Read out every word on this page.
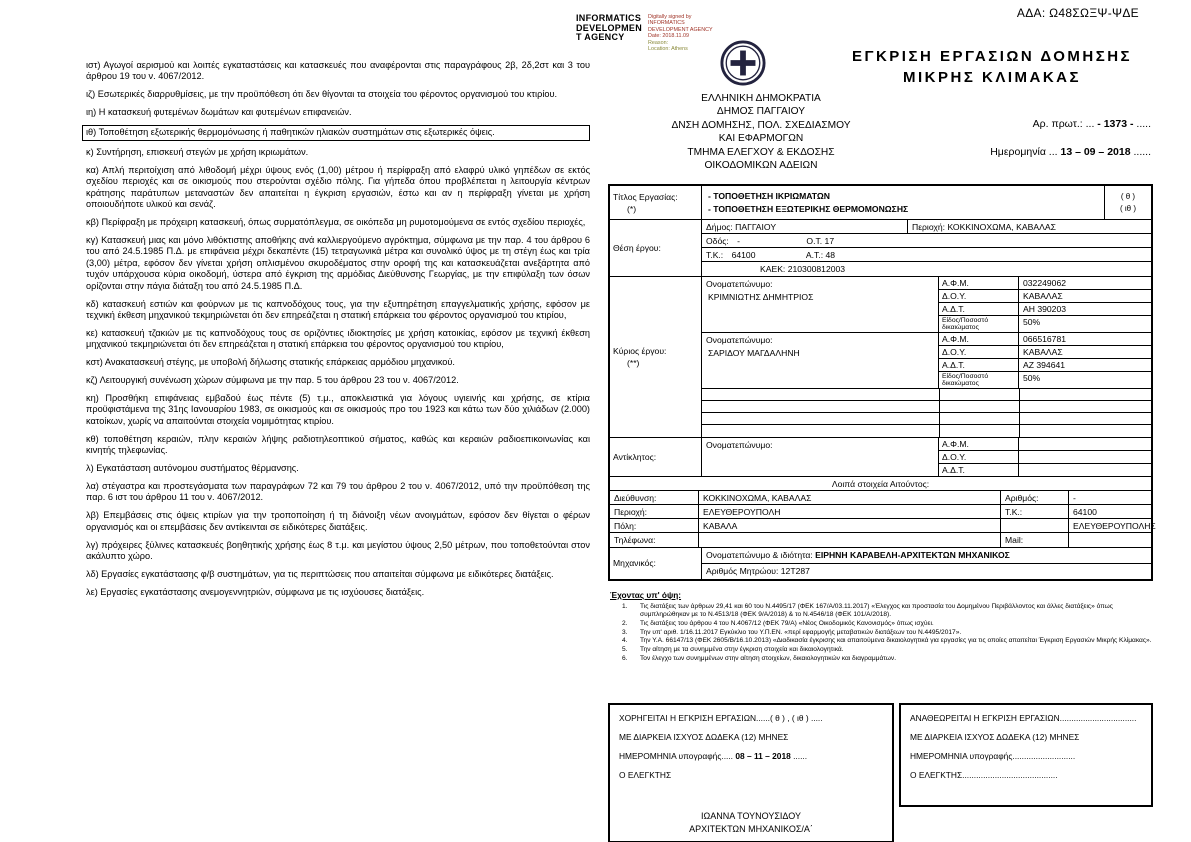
ΑΔΑ: Ω48ΣΩΞΨ-ΨΔΕ
INFORMATICS
DEVELOPMEN
T AGENCY
Digitally signed by
INFORMATICS
DEVELOPMENT AGENCY
Date: 2018.11.09
Reason:
Location: Athens
ιστ) Αγωγοί αερισμού και λοιπές εγκαταστάσεις και κατασκευές που αναφέρονται στις παραγράφους 2β, 2δ,2στ και 3 του άρθρου 19 του ν. 4067/2012.
ιζ) Εσωτερικές διαρρυθμίσεις, με την προϋπόθεση ότι δεν θίγονται τα στοιχεία του φέροντος οργανισμού του κτιρίου.
ιη) Η κατασκευή φυτεμένων δωμάτων και φυτεμένων επιφανειών.
ιθ) Τοποθέτηση εξωτερικής θερμομόνωσης ή παθητικών ηλιακών συστημάτων στις εξωτερικές όψεις.
κ) Συντήρηση, επισκευή στεγών με χρήση ικριωμάτων.
κα) Απλή περιτοίχιση από λιθοδομή μέχρι ύψους ενός (1,00) μέτρου ή περίφραξη από ελαφρύ υλικό γηπέδων σε εκτός σχεδίου περιοχές και σε οικισμούς που στερούνται σχέδιο πόλης. Για γήπεδα όπου προβλέπεται η λειτουργία κέντρων κράτησης παράτυπων μεταναστών δεν απαιτείται η έγκριση εργασιών, έστω και αν η περίφραξη γίνεται με χρήση οποιουδήποτε υλικού και σενάζ.
κβ) Περίφραξη με πρόχειρη κατασκευή, όπως συρματόπλεγμα, σε οικόπεδα μη ρυμοτομούμενα σε εντός σχεδίου περιοχές,
κγ) Κατασκευή μιας και μόνο λιθόκτιστης αποθήκης ανά καλλιεργούμενο αγρόκτημα, σύμφωνα με την παρ. 4 του άρθρου 6 του από 24.5.1985 Π.Δ. με επιφάνεια μέχρι δεκαπέντε (15) τετραγωνικά μέτρα και συνολικό ύψος με τη στέγη έως και τρία (3,00) μέτρα, εφόσον δεν γίνεται χρήση οπλισμένου σκυροδέματος στην οροφή της και κατασκευάζεται ανεξάρτητα από τυχόν υπάρχουσα κύρια οικοδομή, ύστερα από έγκριση της αρμόδιας Διεύθυνσης Γεωργίας, με την επιφύλαξη των όσων ορίζονται στην πάγια διάταξη του από 24.5.1985 Π.Δ.
κδ) κατασκευή εστιών και φούρνων με τις καπνοδόχους τους, για την εξυπηρέτηση επαγγελματικής χρήσης, εφόσον με τεχνική έκθεση μηχανικού τεκμηριώνεται ότι δεν επηρεάζεται η στατική επάρκεια του φέροντος οργανισμού του κτιρίου,
κε) κατασκευή τζακιών με τις καπνοδόχους τους σε οριζόντιες ιδιοκτησίες με χρήση κατοικίας, εφόσον με τεχνική έκθεση μηχανικού τεκμηριώνεται ότι δεν επηρεάζεται η στατική επάρκεια του φέροντος οργανισμού του κτιρίου,
κστ) Ανακατασκευή στέγης, με υποβολή δήλωσης στατικής επάρκειας αρμόδιου μηχανικού.
κζ) Λειτουργική συνένωση χώρων σύμφωνα με την παρ. 5 του άρθρου 23 του ν. 4067/2012.
κη) Προσθήκη επιφάνειας εμβαδού έως πέντε (5) τ.μ., αποκλειστικά για λόγους υγιεινής και χρήσης, σε κτίρια προϋφιστάμενα της 31ης Ιανουαρίου 1983, σε οικισμούς και σε οικισμούς προ του 1923 και κάτω των δύο χιλιάδων (2.000) κατοίκων, χωρίς να απαιτούνται στοιχεία νομιμότητας κτιρίου.
κθ) τοποθέτηση κεραιών, πλην κεραιών λήψης ραδιοτηλεοπτικού σήματος, καθώς και κεραιών ραδιοεπικοινωνίας και κινητής τηλεφωνίας.
λ) Εγκατάσταση αυτόνομου συστήματος θέρμανσης.
λα) στέγαστρα και προστεγάσματα των παραγράφων 72 και 79 του άρθρου 2 του ν. 4067/2012, υπό την προϋπόθεση της παρ. 6 ιστ του άρθρου 11 του ν. 4067/2012.
λβ) Επεμβάσεις στις όψεις κτιρίων για την τροποποίηση ή τη διάνοιξη νέων ανοιγμάτων, εφόσον δεν θίγεται ο φέρων οργανισμός και οι επεμβάσεις δεν αντίκεινται σε ειδικότερες διατάξεις.
λγ) πρόχειρες ξύλινες κατασκευές βοηθητικής χρήσης έως 8 τ.μ. και μεγίστου ύψους 2,50 μέτρων, που τοποθετούνται στον ακάλυπτο χώρο.
λδ) Εργασίες εγκατάστασης φ/β συστημάτων, για τις περιπτώσεις που απαιτείται σύμφωνα με ειδικότερες διατάξεις.
λε) Εργασίες εγκατάστασης ανεμογεννητριών, σύμφωνα με τις ισχύουσες διατάξεις.
ΕΛΛΗΝΙΚΗ ΔΗΜΟΚΡΑΤΙΑ
ΔΗΜΟΣ ΠΑΓΓΑΙΟΥ
ΔΝΣΗ ΔΟΜΗΣΗΣ, ΠΟΛ. ΣΧΕΔΙΑΣΜΟΥ
ΚΑΙ ΕΦΑΡΜΟΓΩΝ
ΤΜΗΜΑ ΕΛΕΓΧΟΥ & ΕΚΔΟΣΗΣ
ΟΙΚΟΔΟΜΙΚΩΝ ΑΔΕΙΩΝ
ΕΓΚΡΙΣΗ ΕΡΓΑΣΙΩΝ ΔΟΜΗΣΗΣ
ΜΙΚΡΗΣ ΚΛΙΜΑΚΑΣ
Αρ. πρωτ.: ... - 1373 - .....
Ημερομηνία ... 13 – 09 – 2018 ......
Τίτλος Εργασίας:
(*)
- ΤΟΠΟΘΕΤΗΣΗ ΙΚΡΙΩΜΑΤΩΝ
- ΤΟΠΟΘΕΤΗΣΗ ΕΞΩΤΕΡΙΚΗΣ ΘΕΡΜΟΜΟΝΩΣΗΣ
( θ )
( ιθ )
Θέση έργου:
Δήμος: ΠΑΓΓΑΙΟΥ	Περιοχή: ΚΟΚΚΙΝΟΧΩΜΑ, ΚΑΒΑΛΑΣ
Οδός: -	Ο.Τ. 17
Τ.Κ.: 64100	Α.Τ.: 48
ΚΑΕΚ: 210300812003
Κύριος έργου:
(**)
Ονοματεπώνυμο:
ΚΡΙΜΝΙΩΤΗΣ ΔΗΜΗΤΡΙΟΣ
Α.Φ.Μ.	032249062
Δ.Ο.Υ.	ΚΑΒΑΛΑΣ
Α.Δ.Τ.	ΑΗ 390203
Είδος/Ποσοστό δικαιώματος
50%
Ονοματεπώνυμο:
ΣΑΡΙΔΟΥ ΜΑΓΔΑΛΗΝΗ
Α.Φ.Μ.	066516781
Δ.Ο.Υ.	ΚΑΒΑΛΑΣ
Α.Δ.Τ.	ΑΖ 394641
Είδος/Ποσοστό δικαιώματος
50%
Αντίκλητος:
Ονοματεπώνυμο:	Α.Φ.Μ.
Δ.Ο.Υ.
Α.Δ.Τ.
Λοιπά στοιχεία Αιτούντος:
Διεύθυνση:	ΚΟΚΚΙΝΟΧΩΜΑ, ΚΑΒΑΛΑΣ	Αριθμός:	-
Περιοχή:	ΕΛΕΥΘΕΡΟΥΠΟΛΗ	Τ.Κ.:	64100
Πόλη:	ΚΑΒΑΛΑ	ΕΛΕΥΘΕΡΟΥΠΟΛΗΣ
Τηλέφωνα:	Mail:
Μηχανικός:
Ονοματεπώνυμο & ιδιότητα: ΕΙΡΗΝΗ ΚΑΡΑΒΕΛΗ-ΑΡΧΙΤΕΚΤΩΝ ΜΗΧΑΝΙΚΟΣ
Αριθμός Μητρώου: 12Τ287
Έχοντας υπ' όψη:
1.	Τις διατάξεις των άρθρων 29,41 και 60 του Ν.4495/17 (ΦΕΚ 167/Α/03.11.2017) «Έλεγχος και προστασία του Δομημένου Περιβάλλοντος και άλλες διατάξεις» όπως συμπληρώθηκαν με το Ν.4513/18 (ΦΕΚ 9/Α/2018) & το Ν.4546/18 (ΦΕΚ 101/Α/2018).
2.	Τις διατάξεις του άρθρου 4 του Ν.4067/12 (ΦΕΚ 79/Α) «Νέος Οικοδομικός Κανονισμός» όπως ισχύει.
3.	Την υπ' αριθ. 1/16.11.2017 Εγκύκλιο του Υ.Π.ΕΝ. «περί εφαρμογής μεταβατικών διατάξεων του Ν.4495/2017».
4.	Την Υ.Α. 66147/13 (ΦΕΚ 2605/Β/16.10.2013) «Διαδικασία έγκρισης και απαιτούμενα δικαιολογητικά για εργασίες για τις οποίες απαιτείται Έγκριση Εργασιών Μικρής Κλίμακας».
5.	Την αίτηση με τα συνημμένα στην έγκριση στοιχεία και δικαιολογητικά.
6.	Τον έλεγχο των συνημμένων στην αίτηση στοιχείων, δικαιολογητικών και διαγραμμάτων.
ΧΟΡΗΓΕΙΤΑΙ Η ΕΓΚΡΙΣΗ ΕΡΓΑΣΙΩΝ......( θ ) , ( ιθ ) .....
ΜΕ ΔΙΑΡΚΕΙΑ ΙΣΧΥΟΣ ΔΩΔΕΚΑ (12) ΜΗΝΕΣ
ΗΜΕΡΟΜΗΝΙΑ υπογραφής..... 08 – 11 – 2018 ......
Ο ΕΛΕΓΚΤΗΣ
ΙΩΑΝΝΑ ΤΟΥΝΟΥΣΙΔΟΥ
ΑΡΧΙΤΕΚΤΩΝ ΜΗΧΑΝΙΚΟΣ/Α΄
ΑΝΑΘΕΩΡΕΙΤΑΙ Η ΕΓΚΡΙΣΗ ΕΡΓΑΣΙΩΝ.................................
ΜΕ ΔΙΑΡΚΕΙΑ ΙΣΧΥΟΣ ΔΩΔΕΚΑ (12) ΜΗΝΕΣ
ΗΜΕΡΟΜΗΝΙΑ υπογραφής...........................
Ο ΕΛΕΓΚΤΗΣ.........................................
